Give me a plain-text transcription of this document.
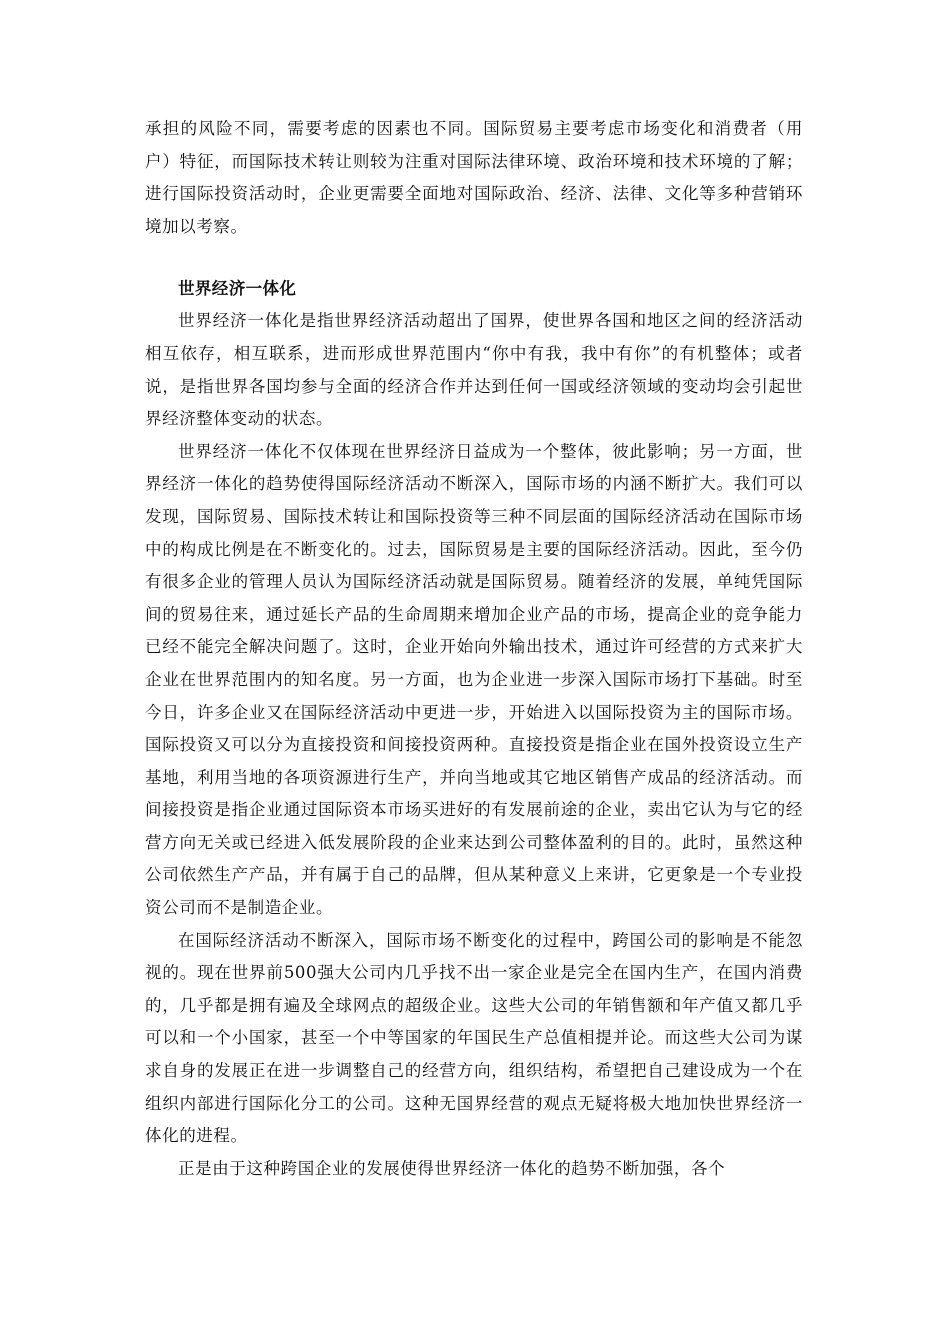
承担的风险不同，需要考虑的因素也不同。国际贸易主要考虑市场变化和消费者（用户）特征，而国际技术转让则较为注重对国际法律环境、政治环境和技术环境的了解；进行国际投资活动时，企业更需要全面地对国际政治、经济、法律、文化等多种营销环境加以考察。

世界经济一体化

世界经济一体化是指世界经济活动超出了国界，使世界各国和地区之间的经济活动相互依存，相互联系，进而形成世界范围内“你中有我，我中有你”的有机整体；或者说，是指世界各国均参与全面的经济合作并达到任何一国或经济领域的变动均会引起世界经济整体变动的状态。

世界经济一体化不仅体现在世界经济日益成为一个整体，彼此影响；另一方面，世界经济一体化的趋势使得国际经济活动不断深入，国际市场的内涵不断扩大。我们可以发现，国际贸易、国际技术转让和国际投资等三种不同层面的国际经济活动在国际市场中的构成比例是在不断变化的。过去，国际贸易是主要的国际经济活动。因此，至今仍有很多企业的管理人员认为国际经济活动就是国际贸易。随着经济的发展，单纯凭国际间的贸易往来，通过延长产品的生命周期来增加企业产品的市场，提高企业的竞争能力已经不能完全解决问题了。这时，企业开始向外输出技术，通过许可经营的方式来扩大企业在世界范围内的知名度。另一方面，也为企业进一步深入国际市场打下基础。时至今日，许多企业又在国际经济活动中更进一步，开始进入以国际投资为主的国际市场。国际投资又可以分为直接投资和间接投资两种。直接投资是指企业在国外投资设立生产基地，利用当地的各项资源进行生产，并向当地或其它地区销售产成品的经济活动。而间接投资是指企业通过国际资本市场买进好的有发展前途的企业，卖出它认为与它的经营方向无关或已经进入低发展阶段的企业来达到公司整体盈利的目的。此时，虽然这种公司依然生产产品，并有属于自己的品牌，但从某种意义上来讲，它更象是一个专业投资公司而不是制造企业。

在国际经济活动不断深入，国际市场不断变化的过程中，跨国公司的影响是不能忽视的。现在世界前500强大公司内几乎找不出一家企业是完全在国内生产，在国内消费的，几乎都是拥有遍及全球网点的超级企业。这些大公司的年销售额和年产值又都几乎可以和一个小国家，甚至一个中等国家的年国民生产总值相提并论。而这些大公司为谋求自身的发展正在进一步调整自己的经营方向，组织结构，希望把自己建设成为一个在组织内部进行国际化分工的公司。这种无国界经营的观点无疑将极大地加快世界经济一体化的进程。

正是由于这种跨国企业的发展使得世界经济一体化的趋势不断加强，各个
